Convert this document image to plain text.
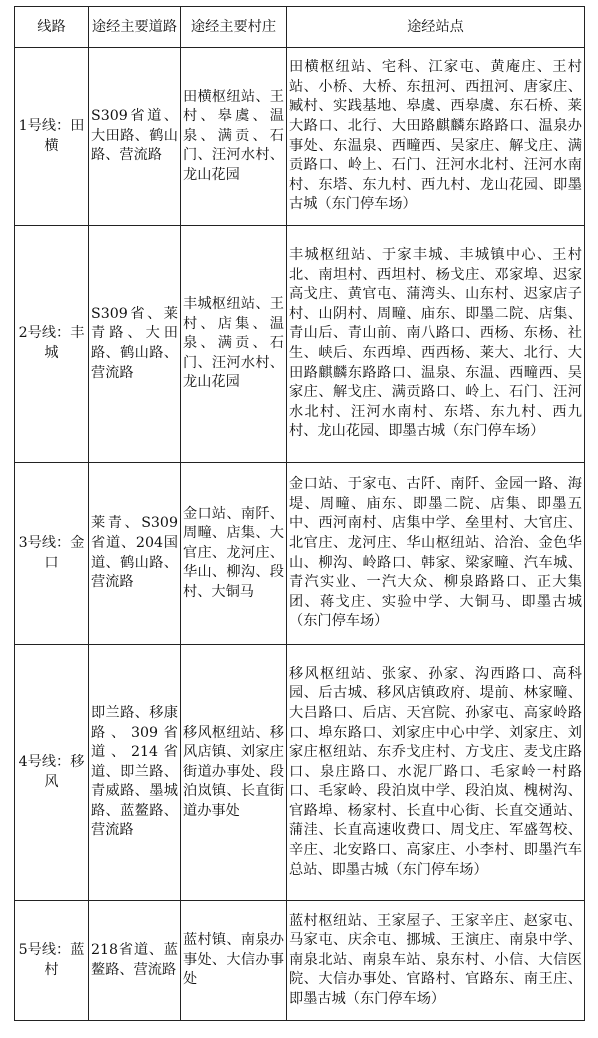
线路	途经主要道路	途经主要村庄	途经站点
1号线：田横	S309省道、大田路、鹤山路、营流路	田横枢纽站、王村、皋虞、温泉、满贡、石门、汪河水村、龙山花园	田横枢纽站、宅科、江家屯、黄庵庄、王村站、小桥、大桥、东扭河、西扭河、唐家庄、臧村、实践基地、皋虞、西皋虞、东石桥、莱大路口、北行、大田路麒麟东路路口、温泉办事处、东温泉、西疃西、吴家庄、解戈庄、满贡路口、岭上、石门、汪河水北村、汪河水南村、东塔、东九村、西九村、龙山花园、即墨古城（东门停车场）
2号线：丰城	S309省、莱青路、大田路、鹤山路、营流路	丰城枢纽站、王村、店集、温泉、满贡、石门、汪河水村、龙山花园	丰城枢纽站、于家丰城、丰城镇中心、王村北、南坦村、西坦村、杨戈庄、邓家埠、迟家高戈庄、黄官屯、蒲湾头、山东村、迟家店子村、山阴村、周疃、庙东、即墨二院、店集、青山后、青山前、南八路口、西杨、东杨、社生、峡后、东西埠、西西杨、莱大、北行、大田路麒麟东路路口、温泉、东温、西疃西、吴家庄、解戈庄、满贡路口、岭上、石门、汪河水北村、汪河水南村、东塔、东九村、西九村、龙山花园、即墨古城（东门停车场）
3号线：金口	莱青、S309省道、204国道、鹤山路、营流路	金口站、南阡、周疃、店集、大官庄、龙河庄、华山、柳沟、段村、大铜马	金口站、于家屯、古阡、南阡、金园一路、海堤、周疃、庙东、即墨二院、店集、即墨五中、西河南村、店集中学、垒里村、大官庄、北官庄、龙河庄、华山枢纽站、洽治、金色华山、柳沟、岭路口、韩家、梁家疃、汽车城、青汽实业、一汽大众、柳泉路路口、正大集团、蒋戈庄、实验中学、大铜马、即墨古城（东门停车场）
4号线：移风	即兰路、移康路、309省道、214省道、即兰路、青威路、墨城路、蓝鳌路、营流路	移风枢纽站、移风店镇、刘家庄街道办事处、段泊岚镇、长直街道办事处	移风枢纽站、张家、孙家、沟西路口、高科园、后古城、移风店镇政府、堤前、林家疃、大吕路口、后店、天宫院、孙家屯、高家岭路口、埠东路口、刘家庄中心中学、刘家庄、刘家庄枢纽站、东乔戈庄村、方戈庄、麦戈庄路口、泉庄路口、水泥厂路口、毛家岭一村路口、毛家岭、段泊岚中学、段泊岚、槐树沟、官路埠、杨家村、长直中心街、长直交通站、蒲洼、长直高速收费口、周戈庄、军盛驾校、辛庄、北安路口、高家庄、小李村、即墨汽车总站、即墨古城（东门停车场）
5号线：蓝村	218省道、蓝鳌路、营流路	蓝村镇、南泉办事处、大信办事处	蓝村枢纽站、王家屋子、王家辛庄、赵家屯、马家屯、庆余屯、挪城、王演庄、南泉中学、南泉北站、南泉车站、泉东村、小信、大信医院、大信办事处、官路村、官路东、南王庄、即墨古城（东门停车场）
